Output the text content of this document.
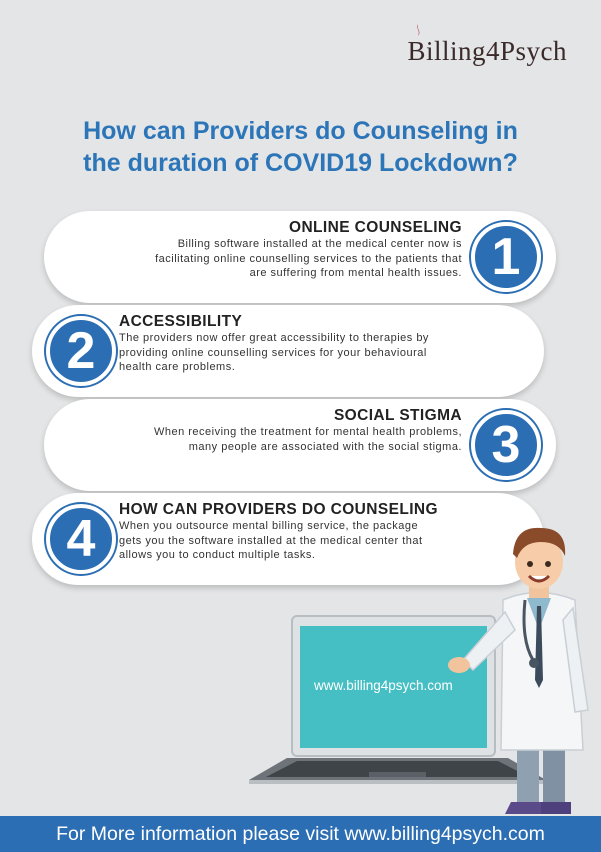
Billing4Psych
How can Providers do Counseling in
the duration of COVID19 Lockdown?
ONLINE COUNSELING
Billing software installed at the medical center now is facilitating online counselling services to the patients that are suffering from mental health issues. 1
2
ACCESSIBILITY
The providers now offer great accessibility to therapies by providing online counselling services for your behavioural health care problems.
SOCIAL STIGMA
When receiving the treatment for mental health problems, many people are associated with the social stigma. 3
4
HOW CAN PROVIDERS DO COUNSELING
When you outsource mental billing service, the package gets you the software installed at the medical center that allows you to conduct multiple tasks.
www.billing4psych.com
For More information please visit www.billing4psych.com
